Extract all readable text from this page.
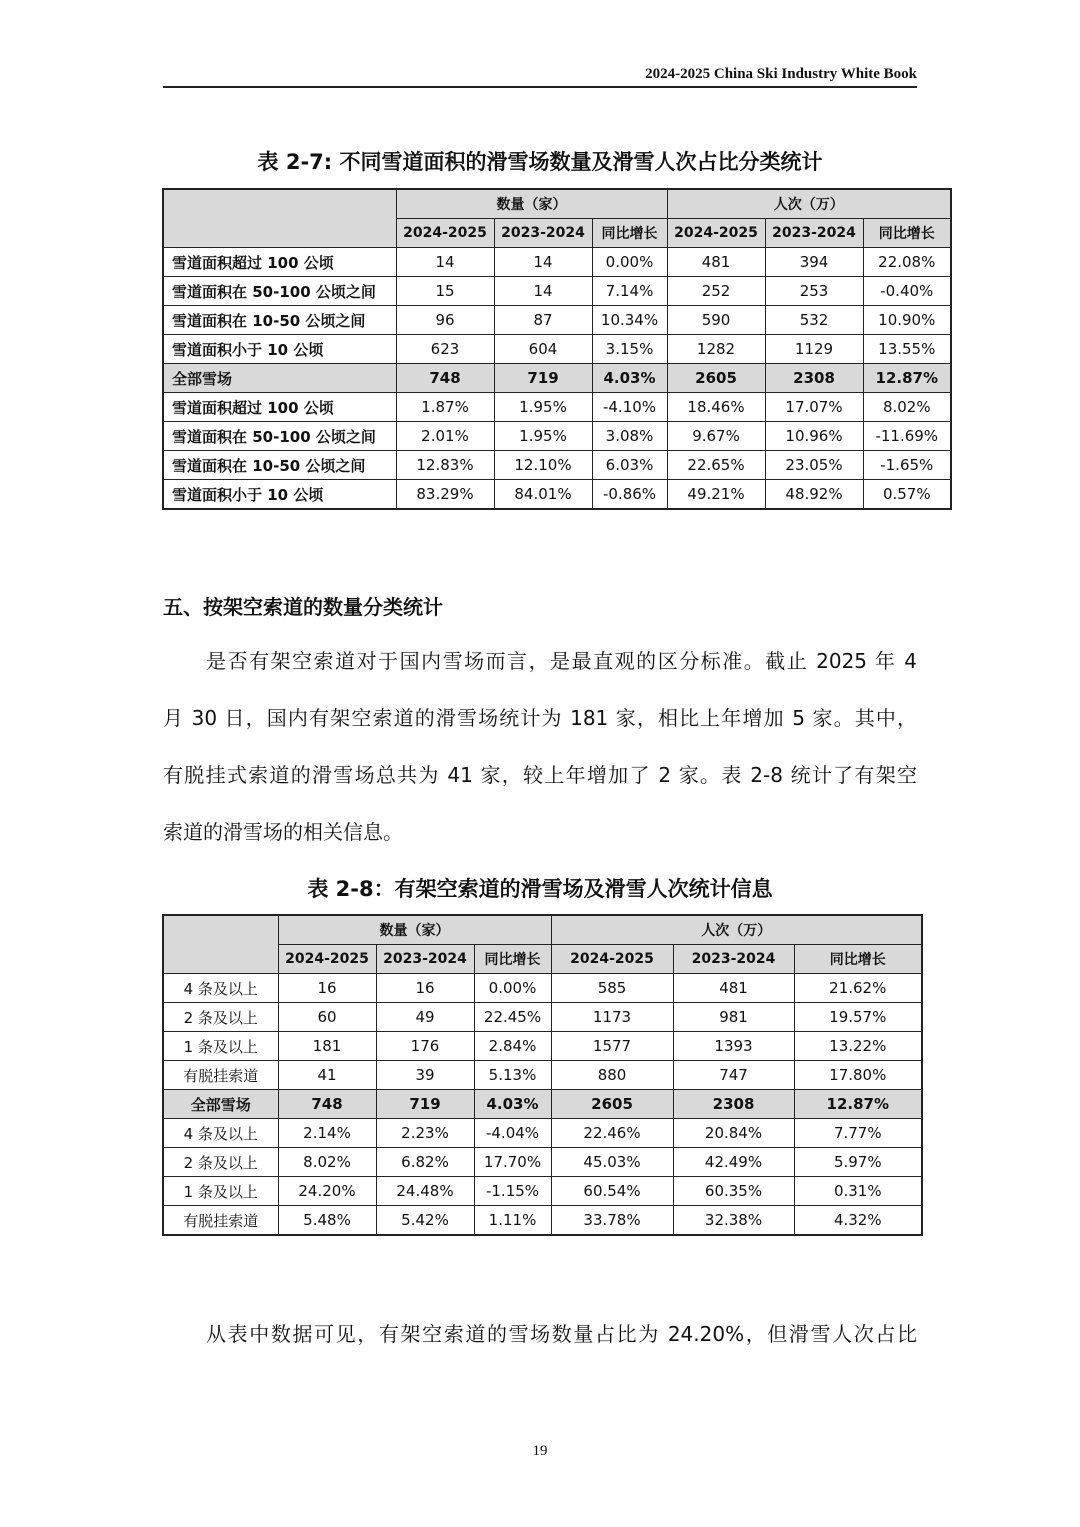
2024-2025 China Ski Industry White Book
表 2-7: 不同雪道面积的滑雪场数量及滑雪人次占比分类统计
	数量（家）			人次（万）		
	2024-2025	2023-2024	同比增长	2024-2025	2023-2024	同比增长
雪道面积超过 100 公顷	14	14	0.00%	481	394	22.08%
雪道面积在 50-100 公顷之间	15	14	7.14%	252	253	-0.40%
雪道面积在 10-50 公顷之间	96	87	10.34%	590	532	10.90%
雪道面积小于 10 公顷	623	604	3.15%	1282	1129	13.55%
全部雪场	748	719	4.03%	2605	2308	12.87%
雪道面积超过 100 公顷	1.87%	1.95%	-4.10%	18.46%	17.07%	8.02%
雪道面积在 50-100 公顷之间	2.01%	1.95%	3.08%	9.67%	10.96%	-11.69%
雪道面积在 10-50 公顷之间	12.83%	12.10%	6.03%	22.65%	23.05%	-1.65%
雪道面积小于 10 公顷	83.29%	84.01%	-0.86%	49.21%	48.92%	0.57%
五、按架空索道的数量分类统计
是否有架空索道对于国内雪场而言，是最直观的区分标准。截止 2025 年 4
月 30 日，国内有架空索道的滑雪场统计为 181 家，相比上年增加 5 家。其中，
有脱挂式索道的滑雪场总共为 41 家，较上年增加了 2 家。表 2-8 统计了有架空
索道的滑雪场的相关信息。
表 2-8：有架空索道的滑雪场及滑雪人次统计信息
	数量（家）			人次（万）		
	2024-2025	2023-2024	同比增长	2024-2025	2023-2024	同比增长
4 条及以上	16	16	0.00%	585	481	21.62%
2 条及以上	60	49	22.45%	1173	981	19.57%
1 条及以上	181	176	2.84%	1577	1393	13.22%
有脱挂索道	41	39	5.13%	880	747	17.80%
全部雪场	748	719	4.03%	2605	2308	12.87%
4 条及以上	2.14%	2.23%	-4.04%	22.46%	20.84%	7.77%
2 条及以上	8.02%	6.82%	17.70%	45.03%	42.49%	5.97%
1 条及以上	24.20%	24.48%	-1.15%	60.54%	60.35%	0.31%
有脱挂索道	5.48%	5.42%	1.11%	33.78%	32.38%	4.32%
从表中数据可见，有架空索道的雪场数量占比为 24.20%，但滑雪人次占比
19
